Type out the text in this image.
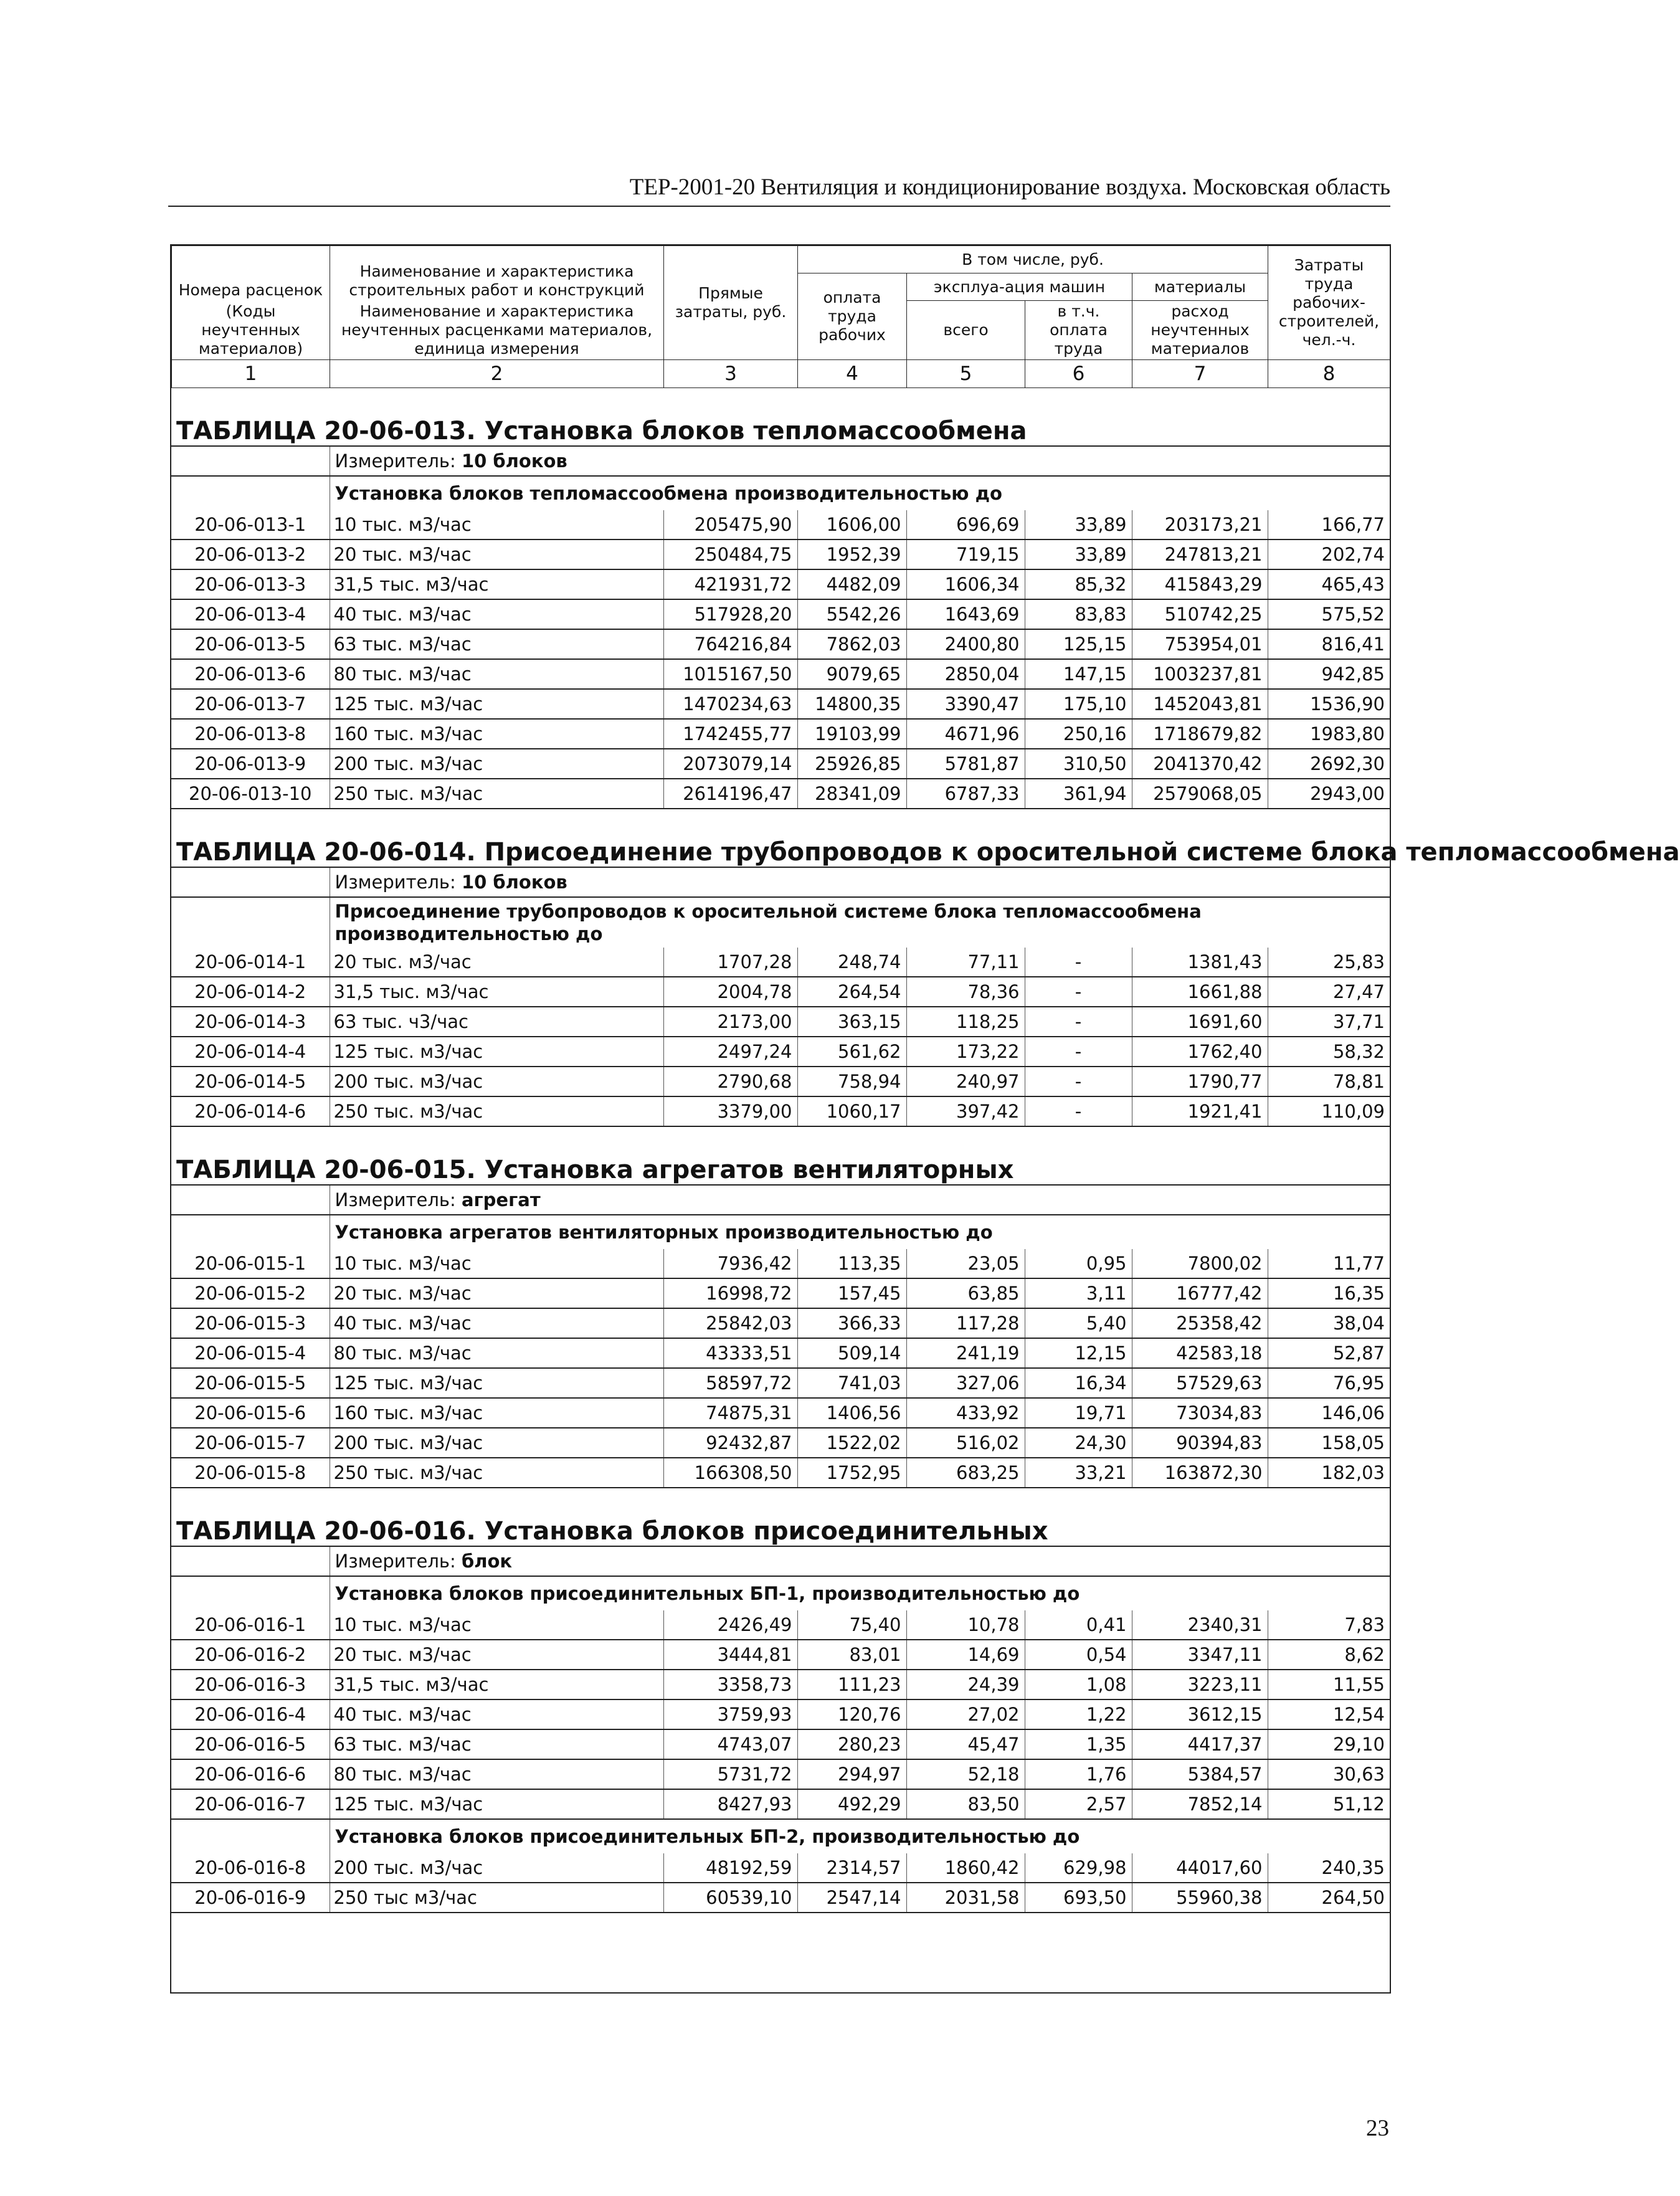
ТЕР-2001-20 Вентиляция и кондиционирование воздуха. Московская область
Номера расценок	Наименование и характеристика строительных работ и конструкций	Прямые затраты, руб.	В том числе, руб.				Затраты труда рабочих-строителей, чел.-ч.
			оплата труда рабочих	эксплуа-ация машин		материалы	
(Коды неучтенных материалов)	Наименование и характеристика неучтенных расценками материалов, единица измерения			всего	в т.ч. оплата труда	расход неучтенных материалов	

1	2	3	4	5	6	7	8

ТАБЛИЦА 20-06-013. Установка блоков тепломассообмена							
	Измеритель: 10 блоков						
	Установка блоков тепломассообмена производительностью до						
20-06-013-1	10 тыс. м3/час	205475,90	1606,00	696,69	33,89	203173,21	166,77
20-06-013-2	20 тыс. м3/час	250484,75	1952,39	719,15	33,89	247813,21	202,74
20-06-013-3	31,5 тыс. м3/час	421931,72	4482,09	1606,34	85,32	415843,29	465,43
20-06-013-4	40 тыс. м3/час	517928,20	5542,26	1643,69	83,83	510742,25	575,52
20-06-013-5	63 тыс. м3/час	764216,84	7862,03	2400,80	125,15	753954,01	816,41
20-06-013-6	80 тыс. м3/час	1015167,50	9079,65	2850,04	147,15	1003237,81	942,85
20-06-013-7	125 тыс. м3/час	1470234,63	14800,35	3390,47	175,10	1452043,81	1536,90
20-06-013-8	160 тыс. м3/час	1742455,77	19103,99	4671,96	250,16	1718679,82	1983,80
20-06-013-9	200 тыс. м3/час	2073079,14	25926,85	5781,87	310,50	2041370,42	2692,30
20-06-013-10	250 тыс. м3/час	2614196,47	28341,09	6787,33	361,94	2579068,05	2943,00

ТАБЛИЦА 20-06-014. Присоединение трубопроводов к оросительной системе блока тепломассообмена							
	Измеритель: 10 блоков						
	Присоединение трубопроводов к оросительной системе блока тепломассообмена производительностью до						
20-06-014-1	20 тыс. м3/час	1707,28	248,74	77,11	-	1381,43	25,83
20-06-014-2	31,5 тыс. м3/час	2004,78	264,54	78,36	-	1661,88	27,47
20-06-014-3	63 тыс. ч3/час	2173,00	363,15	118,25	-	1691,60	37,71
20-06-014-4	125 тыс. м3/час	2497,24	561,62	173,22	-	1762,40	58,32
20-06-014-5	200 тыс. м3/час	2790,68	758,94	240,97	-	1790,77	78,81
20-06-014-6	250 тыс. м3/час	3379,00	1060,17	397,42	-	1921,41	110,09

ТАБЛИЦА 20-06-015. Установка агрегатов вентиляторных							
	Измеритель: агрегат						
	Установка агрегатов вентиляторных производительностью до						
20-06-015-1	10 тыс. м3/час	7936,42	113,35	23,05	0,95	7800,02	11,77
20-06-015-2	20 тыс. м3/час	16998,72	157,45	63,85	3,11	16777,42	16,35
20-06-015-3	40 тыс. м3/час	25842,03	366,33	117,28	5,40	25358,42	38,04
20-06-015-4	80 тыс. м3/час	43333,51	509,14	241,19	12,15	42583,18	52,87
20-06-015-5	125 тыс. м3/час	58597,72	741,03	327,06	16,34	57529,63	76,95
20-06-015-6	160 тыс. м3/час	74875,31	1406,56	433,92	19,71	73034,83	146,06
20-06-015-7	200 тыс. м3/час	92432,87	1522,02	516,02	24,30	90394,83	158,05
20-06-015-8	250 тыс. м3/час	166308,50	1752,95	683,25	33,21	163872,30	182,03

ТАБЛИЦА 20-06-016. Установка блоков присоединительных							
	Измеритель: блок						
	Установка блоков присоединительных БП-1, производительностью до						
20-06-016-1	10 тыс. м3/час	2426,49	75,40	10,78	0,41	2340,31	7,83
20-06-016-2	20 тыс. м3/час	3444,81	83,01	14,69	0,54	3347,11	8,62
20-06-016-3	31,5 тыс. м3/час	3358,73	111,23	24,39	1,08	3223,11	11,55
20-06-016-4	40 тыс. м3/час	3759,93	120,76	27,02	1,22	3612,15	12,54
20-06-016-5	63 тыс. м3/час	4743,07	280,23	45,47	1,35	4417,37	29,10
20-06-016-6	80 тыс. м3/час	5731,72	294,97	52,18	1,76	5384,57	30,63
20-06-016-7	125 тыс. м3/час	8427,93	492,29	83,50	2,57	7852,14	51,12
	Установка блоков присоединительных БП-2, производительностью до						
20-06-016-8	200 тыс. м3/час	48192,59	2314,57	1860,42	629,98	44017,60	240,35
20-06-016-9	250 тыс м3/час	60539,10	2547,14	2031,58	693,50	55960,38	264,50
23
